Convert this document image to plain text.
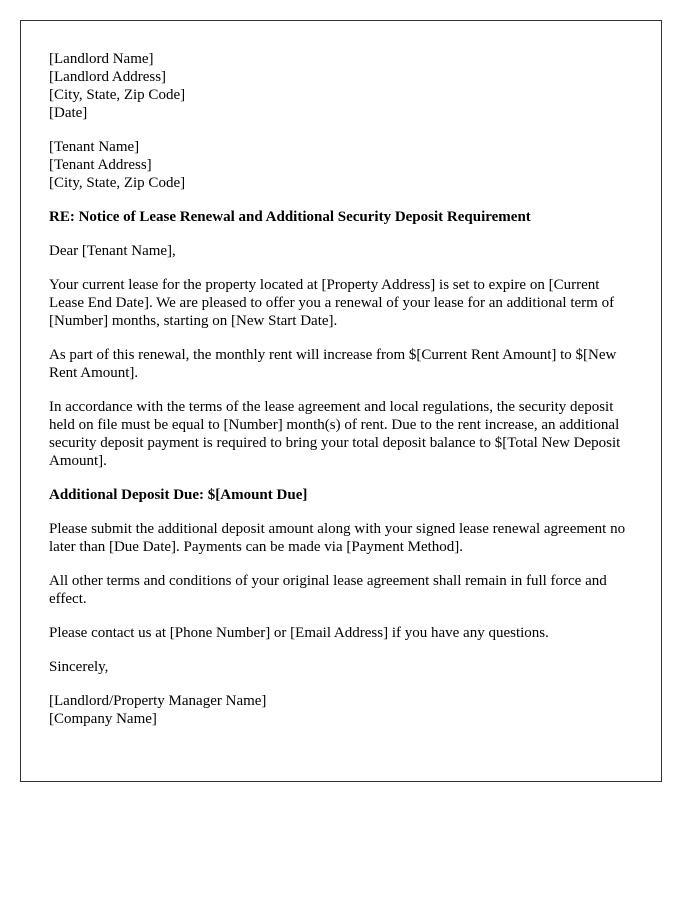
[Landlord Name]
[Landlord Address]
[City, State, Zip Code]
[Date]

[Tenant Name]
[Tenant Address]
[City, State, Zip Code]

RE: Notice of Lease Renewal and Additional Security Deposit Requirement

Dear [Tenant Name],

Your current lease for the property located at [Property Address] is set to expire on [Current Lease End Date]. We are pleased to offer you a renewal of your lease for an additional term of [Number] months, starting on [New Start Date].

As part of this renewal, the monthly rent will increase from $[Current Rent Amount] to $[New Rent Amount].

In accordance with the terms of the lease agreement and local regulations, the security deposit held on file must be equal to [Number] month(s) of rent. Due to the rent increase, an additional security deposit payment is required to bring your total deposit balance to $[Total New Deposit Amount].

Additional Deposit Due: $[Amount Due]

Please submit the additional deposit amount along with your signed lease renewal agreement no later than [Due Date]. Payments can be made via [Payment Method].

All other terms and conditions of your original lease agreement shall remain in full force and effect.

Please contact us at [Phone Number] or [Email Address] if you have any questions.

Sincerely,

[Landlord/Property Manager Name]
[Company Name]
